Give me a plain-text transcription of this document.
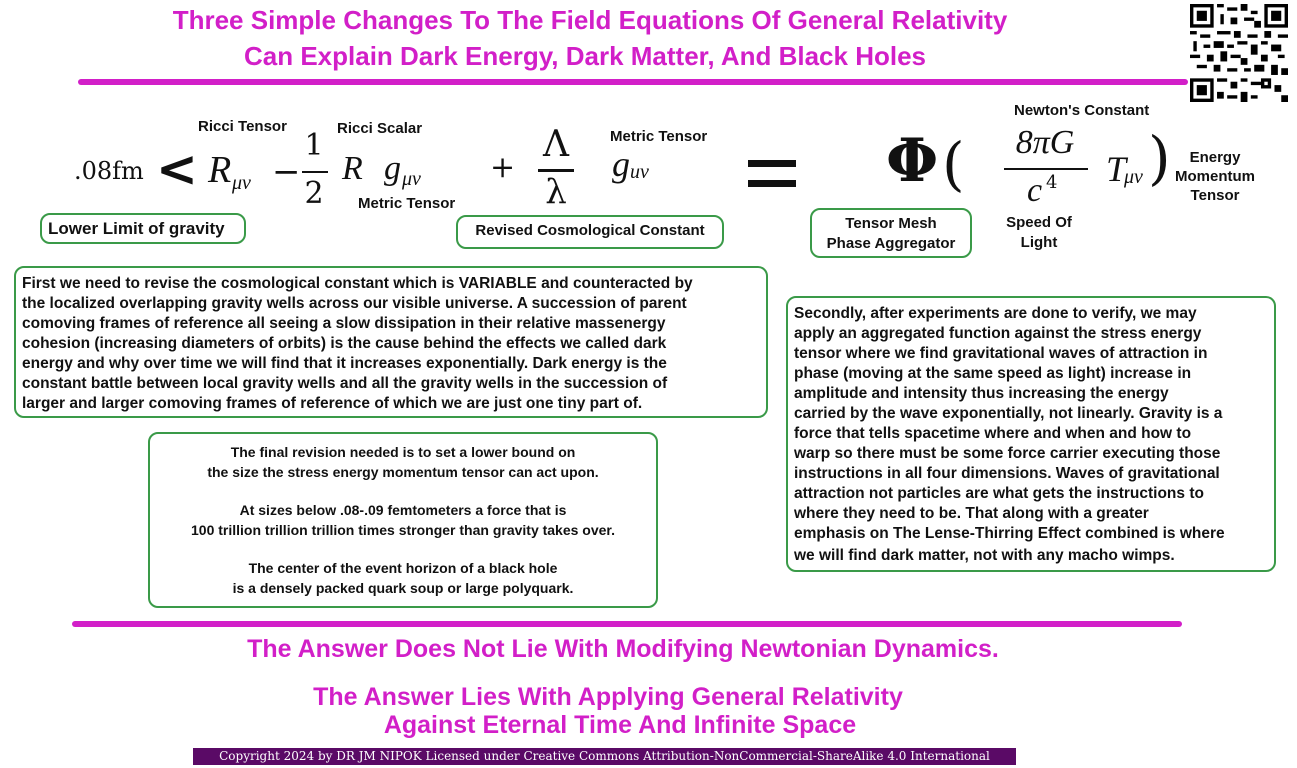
Three Simple Changes To The Field Equations Of General Relativity
Can Explain Dark Energy, Dark Matter, And Black Holes
Ricci Tensor	Ricci Scalar
Metric Tensor
Metric Tensor
Newton's Constant
Energy
Momentum
Tensor
Speed Of
Light
.08fm < R μν −
1
2
R g μν +
Λ
λ
g uv	Φ (	8πG
c 4 T
μν )
Lower Limit of gravity	Revised Cosmological Constant	Tensor Mesh
Phase Aggregator
First we need to revise the cosmological constant which is VARIABLE and counteracted by
the localized overlapping gravity wells across our visible universe. A succession of parent
comoving frames of reference all seeing a slow dissipation in their relative massenergy
cohesion (increasing diameters of orbits) is the cause behind the effects we called dark
energy and why over time we will find that it increases exponentially. Dark energy is the
constant battle between local gravity wells and all the gravity wells in the succession of
larger and larger comoving frames of reference of which we are just one tiny part of.
Secondly, after experiments are done to verify, we may
apply an aggregated function against the stress energy
tensor where we find gravitational waves of attraction in
phase (moving at the same speed as light) increase in
amplitude and intensity thus increasing the energy
carried by the wave exponentially, not linearly. Gravity is a
force that tells spacetime where and when and how to
warp so there must be some force carrier executing those
instructions in all four dimensions. Waves of gravitational
attraction not particles are what gets the instructions to
where they need to be. That along with a greater
emphasis on The Lense-Thirring Effect combined is where
we will find dark matter, not with any macho wimps.
The final revision needed is to set a lower bound on
the size the stress energy momentum tensor can act upon.
At sizes below .08-.09 femtometers a force that is
100 trillion trillion trillion times stronger than gravity takes over.
The center of the event horizon of a black hole
is a densely packed quark soup or large polyquark.
The Answer Does Not Lie With Modifying Newtonian Dynamics.
The Answer Lies With Applying General Relativity
Against Eternal Time And Infinite Space
Copyright 2024 by DR JM NIPOK Licensed under Creative Commons Attribution-NonCommercial-ShareAlike 4.0 International
